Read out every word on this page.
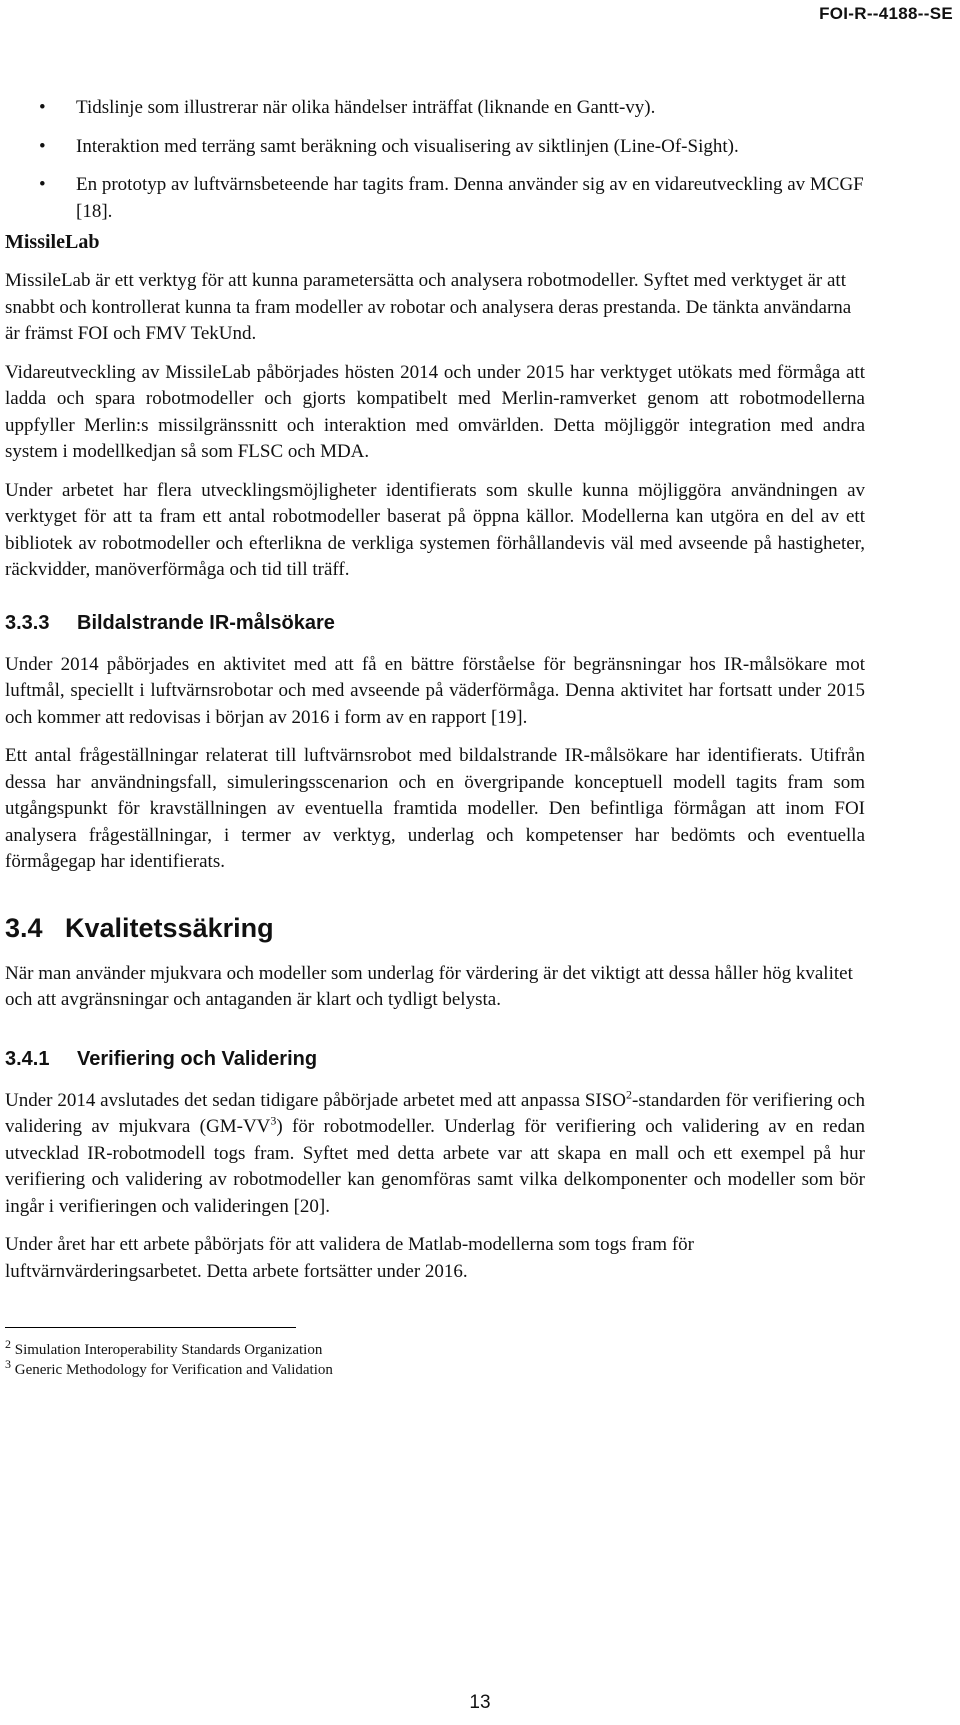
FOI-R--4188--SE
• Tidslinje som illustrerar när olika händelser inträffat (liknande en Gantt-vy).
• Interaktion med terräng samt beräkning och visualisering av siktlinjen (Line-Of-Sight).
• En prototyp av luftvärnsbeteende har tagits fram. Denna använder sig av en vidareutveckling av MCGF [18].
MissileLab

MissileLab är ett verktyg för att kunna parametersätta och analysera robotmodeller. Syftet med verktyget är att snabbt och kontrollerat kunna ta fram modeller av robotar och analysera deras prestanda. De tänkta användarna är främst FOI och FMV TekUnd.

Vidareutveckling av MissileLab påbörjades hösten 2014 och under 2015 har verktyget utökats med förmåga att ladda och spara robotmodeller och gjorts kompatibelt med Merlin-ramverket genom att robotmodellerna uppfyller Merlin:s missilgränssnitt och interaktion med omvärlden. Detta möjliggör integration med andra system i modellkedjan så som FLSC och MDA.

Under arbetet har flera utvecklingsmöjligheter identifierats som skulle kunna möjliggöra användningen av verktyget för att ta fram ett antal robotmodeller baserat på öppna källor. Modellerna kan utgöra en del av ett bibliotek av robotmodeller och efterlikna de verkliga systemen förhållandevis väl med avseende på hastigheter, räckvidder, manöverförmåga och tid till träff.

3.3.3 Bildalstrande IR-målsökare

Under 2014 påbörjades en aktivitet med att få en bättre förståelse för begränsningar hos IR-målsökare mot luftmål, speciellt i luftvärnsrobotar och med avseende på väderförmåga. Denna aktivitet har fortsatt under 2015 och kommer att redovisas i början av 2016 i form av en rapport [19].

Ett antal frågeställningar relaterat till luftvärnsrobot med bildalstrande IR-målsökare har identifierats. Utifrån dessa har användningsfall, simuleringsscenarion och en övergripande konceptuell modell tagits fram som utgångspunkt för kravställningen av eventuella framtida modeller. Den befintliga förmågan att inom FOI analysera frågeställningar, i termer av verktyg, underlag och kompetenser har bedömts och eventuella förmågegap har identifierats.

3.4 Kvalitetssäkring

När man använder mjukvara och modeller som underlag för värdering är det viktigt att dessa håller hög kvalitet och att avgränsningar och antaganden är klart och tydligt belysta.

3.4.1 Verifiering och Validering

Under 2014 avslutades det sedan tidigare påbörjade arbetet med att anpassa SISO$^2$-standarden för verifiering och validering av mjukvara $(GM-VV^3)$ för robotmodeller. Underlag för verifiering och validering av en redan utvecklad IR-robotmodell togs fram. Syftet med detta arbete var att skapa en mall och ett exempel på hur verifiering och validering av robotmodeller kan genomföras samt vilka delkomponenter och modeller som bör ingår i verifieringen och valideringen [20].

Under året har ett arbete påbörjats för att validera de Matlab-modellerna som togs fram för luftvärnvärderingsarbetet. Detta arbete fortsätter under 2016.

$^2$ Simulation Interoperability Standards Organization

$^3$ Generic Methodology for Verification and Validation

13
